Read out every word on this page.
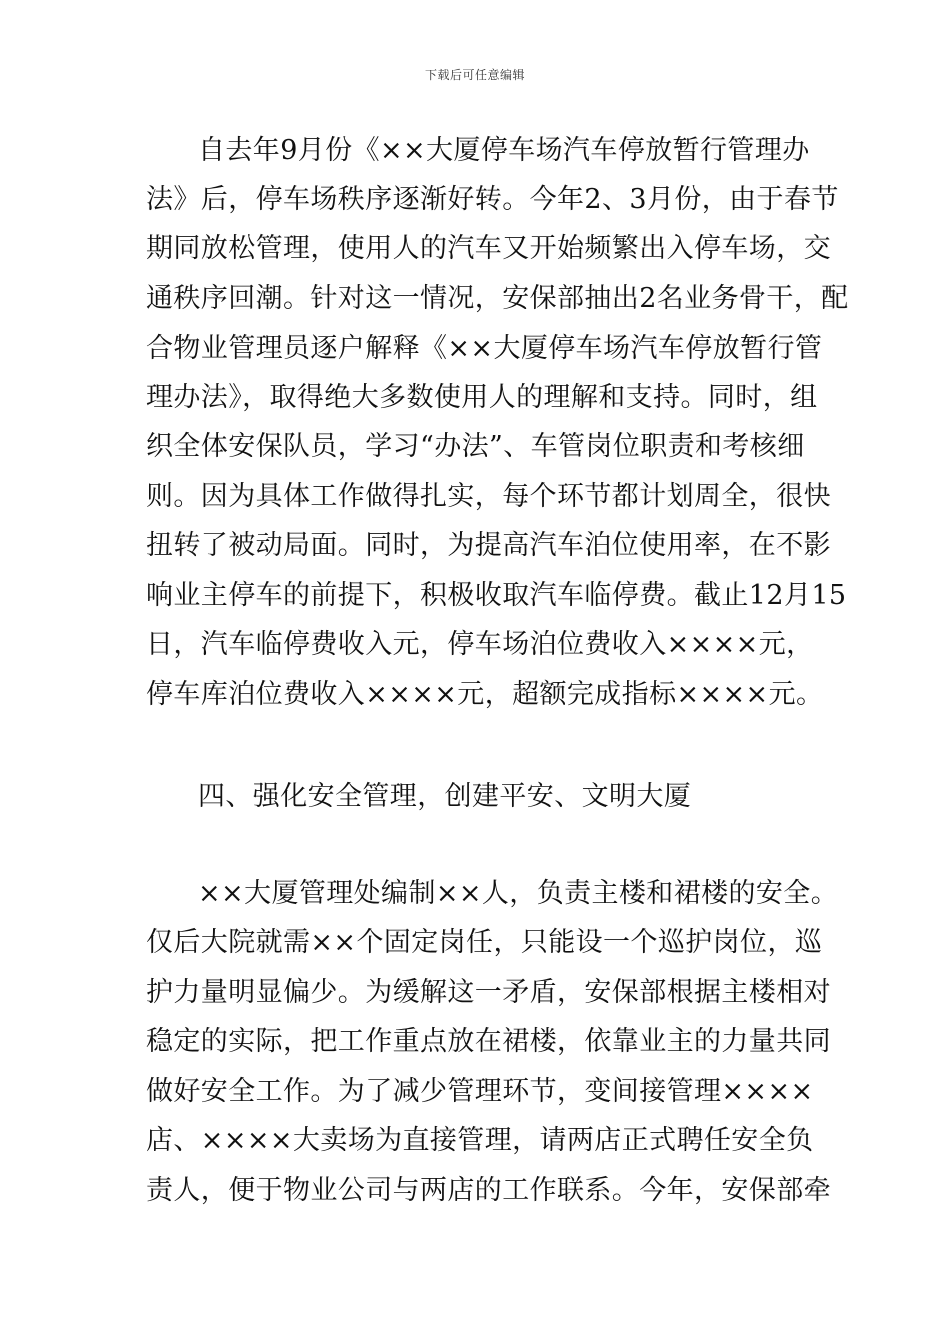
下载后可任意编辑
自去年9月份《××大厦停车场汽车停放暂行管理办
法》后，停车场秩序逐渐好转。今年2、3月份，由于春节
期同放松管理，使用人的汽车又开始频繁出入停车场，交
通秩序回潮。针对这一情况，安保部抽出2名业务骨干，配
合物业管理员逐户解释《××大厦停车场汽车停放暂行管
理办法》，取得绝大多数使用人的理解和支持。同时，组
织全体安保队员，学习“办法”、车管岗位职责和考核细
则。因为具体工作做得扎实，每个环节都计划周全，很快
扭转了被动局面。同时，为提高汽车泊位使用率，在不影
响业主停车的前提下，积极收取汽车临停费。截止12月15
日，汽车临停费收入元，停车场泊位费收入××××元，
停车库泊位费收入××××元，超额完成指标××××元。
四、强化安全管理，创建平安、文明大厦
××大厦管理处编制××人，负责主楼和裙楼的安全。
仅后大院就需××个固定岗任，只能设一个巡护岗位，巡
护力量明显偏少。为缓解这一矛盾，安保部根据主楼相对
稳定的实际，把工作重点放在裙楼，依靠业主的力量共同
做好安全工作。为了减少管理环节，变间接管理××××
店、××××大卖场为直接管理，请两店正式聘任安全负
责人，便于物业公司与两店的工作联系。今年，安保部牵
